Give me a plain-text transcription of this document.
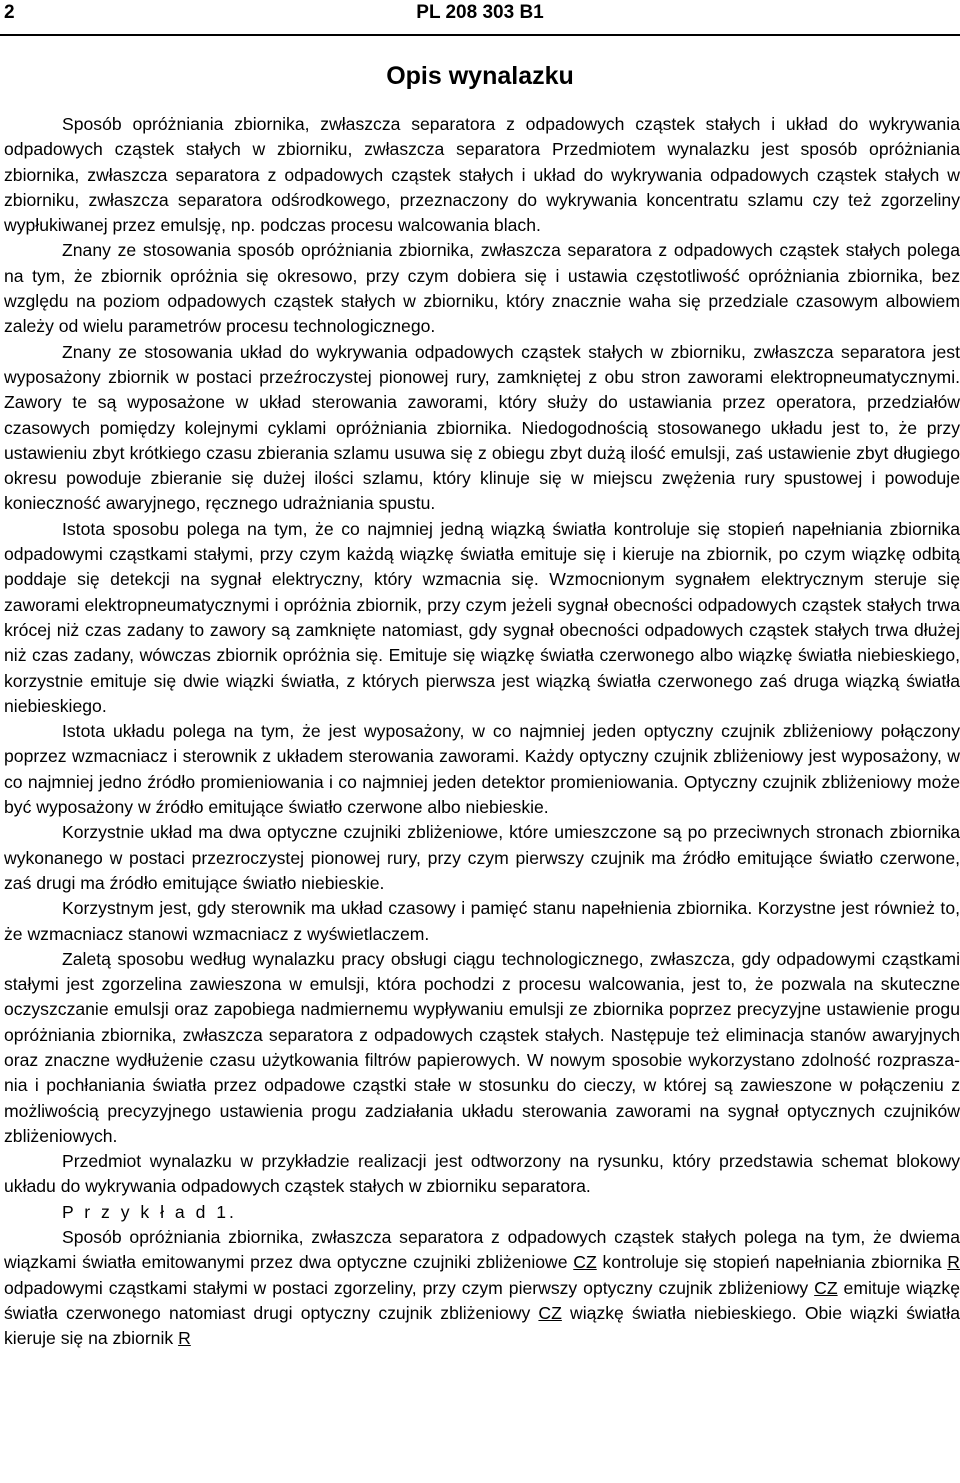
2	PL 208 303 B1
Opis wynalazku

Sposób opróżniania zbiornika, zwłaszcza separatora z odpadowych cząstek stałych i układ do wykrywania odpadowych cząstek stałych w zbiorniku, zwłaszcza separatora Przedmiotem wynalazku jest sposób opróżniania zbiornika, zwłaszcza separatora z odpadowych cząstek stałych i układ do wykrywania odpadowych cząstek stałych w zbiorniku, zwłaszcza separatora odśrodkowego, przeznaczony do wykrywania koncentratu szlamu czy też zgorzeliny wypłukiwanej przez emulsję, np. podczas procesu walcowania blach.

Znany ze stosowania sposób opróżniania zbiornika, zwłaszcza separatora z odpadowych cząstek stałych polega na tym, że zbiornik opróżnia się okresowo, przy czym dobiera się i ustawia częstotliwość opróżniania zbiornika, bez względu na poziom odpadowych cząstek stałych w zbiorniku, który znacznie waha się przedziale czasowym albowiem zależy od wielu parametrów procesu technologicznego.

Znany ze stosowania układ do wykrywania odpadowych cząstek stałych w zbiorniku, zwłaszcza separatora jest wyposażony zbiornik w postaci przeźroczystej pionowej rury, zamkniętej z obu stron zaworami elektropneumatycznymi. Zawory te są wyposażone w układ sterowania zaworami, który służy do ustawiania przez operatora, przedziałów czasowych pomiędzy kolejnymi cyklami opróżniania zbiornika. Niedogodnością stosowanego układu jest to, że przy ustawieniu zbyt krótkiego czasu zbierania szlamu usuwa się z obiegu zbyt dużą ilość emulsji, zaś ustawienie zbyt długiego okresu powoduje zbieranie się dużej ilości szlamu, który klinuje się w miejscu zwężenia rury spustowej i powoduje konieczność awaryjnego, ręcznego udrażniania spustu.

Istota sposobu polega na tym, że co najmniej jedną wiązką światła kontroluje się stopień napełniania zbiornika odpadowymi cząstkami stałymi, przy czym każdą wiązkę światła emituje się i kieruje na zbiornik, po czym wiązkę odbitą poddaje się detekcji na sygnał elektryczny, który wzmacnia się. Wzmocnionym sygnałem elektrycznym steruje się zaworami elektropneumatycznymi i opróżnia zbiornik, przy czym jeżeli sygnał obecności odpadowych cząstek stałych trwa krócej niż czas zadany to zawory są zamknięte natomiast, gdy sygnał obecności odpadowych cząstek stałych trwa dłużej niż czas zadany, wówczas zbiornik opróżnia się. Emituje się wiązkę światła czerwonego albo wiązkę światła niebieskiego, korzystnie emituje się dwie wiązki światła, z których pierwsza jest wiązką światła czerwonego zaś druga wiązką światła niebieskiego.

Istota układu polega na tym, że jest wyposażony, w co najmniej jeden optyczny czujnik zbliżeniowy połączony poprzez wzmacniacz i sterownik z układem sterowania zaworami. Każdy optyczny czujnik zbliżeniowy jest wyposażony, w co najmniej jedno źródło promieniowania i co najmniej jeden detektor promieniowania. Optyczny czujnik zbliżeniowy może być wyposażony w źródło emitujące światło czerwone albo niebieskie.

Korzystnie układ ma dwa optyczne czujniki zbliżeniowe, które umieszczone są po przeciwnych stronach zbiornika wykonanego w postaci przezroczystej pionowej rury, przy czym pierwszy czujnik ma źródło emitujące światło czerwone, zaś drugi ma źródło emitujące światło niebieskie.

Korzystnym jest, gdy sterownik ma układ czasowy i pamięć stanu napełnienia zbiornika. Korzystne jest również to, że wzmacniacz stanowi wzmacniacz z wyświetlaczem.

Zaletą sposobu według wynalazku pracy obsługi ciągu technologicznego, zwłaszcza, gdy odpadowymi cząstkami stałymi jest zgorzelina zawieszona w emulsji, która pochodzi z procesu walcowania, jest to, że pozwala na skuteczne oczyszczanie emulsji oraz zapobiega nadmiernemu wypływaniu emulsji ze zbiornika poprzez precyzyjne ustawienie progu opróżniania zbiornika, zwłaszcza separatora z odpadowych cząstek stałych. Następuje też eliminacja stanów awaryjnych oraz znaczne wydłużenie czasu użytkowania filtrów papierowych. W nowym sposobie wykorzystano zdolność rozpraszania i pochłaniania światła przez odpadowe cząstki stałe w stosunku do cieczy, w której są zawieszone w połączeniu z możliwością precyzyjnego ustawienia progu zadziałania układu sterowania zaworami na sygnał optycznych czujników zbliżeniowych.

Przedmiot wynalazku w przykładzie realizacji jest odtworzony na rysunku, który przedstawia schemat blokowy układu do wykrywania odpadowych cząstek stałych w zbiorniku separatora.

P r z y k ł a d 1.

Sposób opróżniania zbiornika, zwłaszcza separatora z odpadowych cząstek stałych polega na tym, że dwiema wiązkami światła emitowanymi przez dwa optyczne czujniki zbliżeniowe CZ kontroluje się stopień napełniania zbiornika R odpadowymi cząstkami stałymi w postaci zgorzeliny, przy czym pierwszy optyczny czujnik zbliżeniowy CZ emituje wiązkę światła czerwonego natomiast drugi optyczny czujnik zbliżeniowy CZ wiązkę światła niebieskiego. Obie wiązki światła kieruje się na zbiornik R
